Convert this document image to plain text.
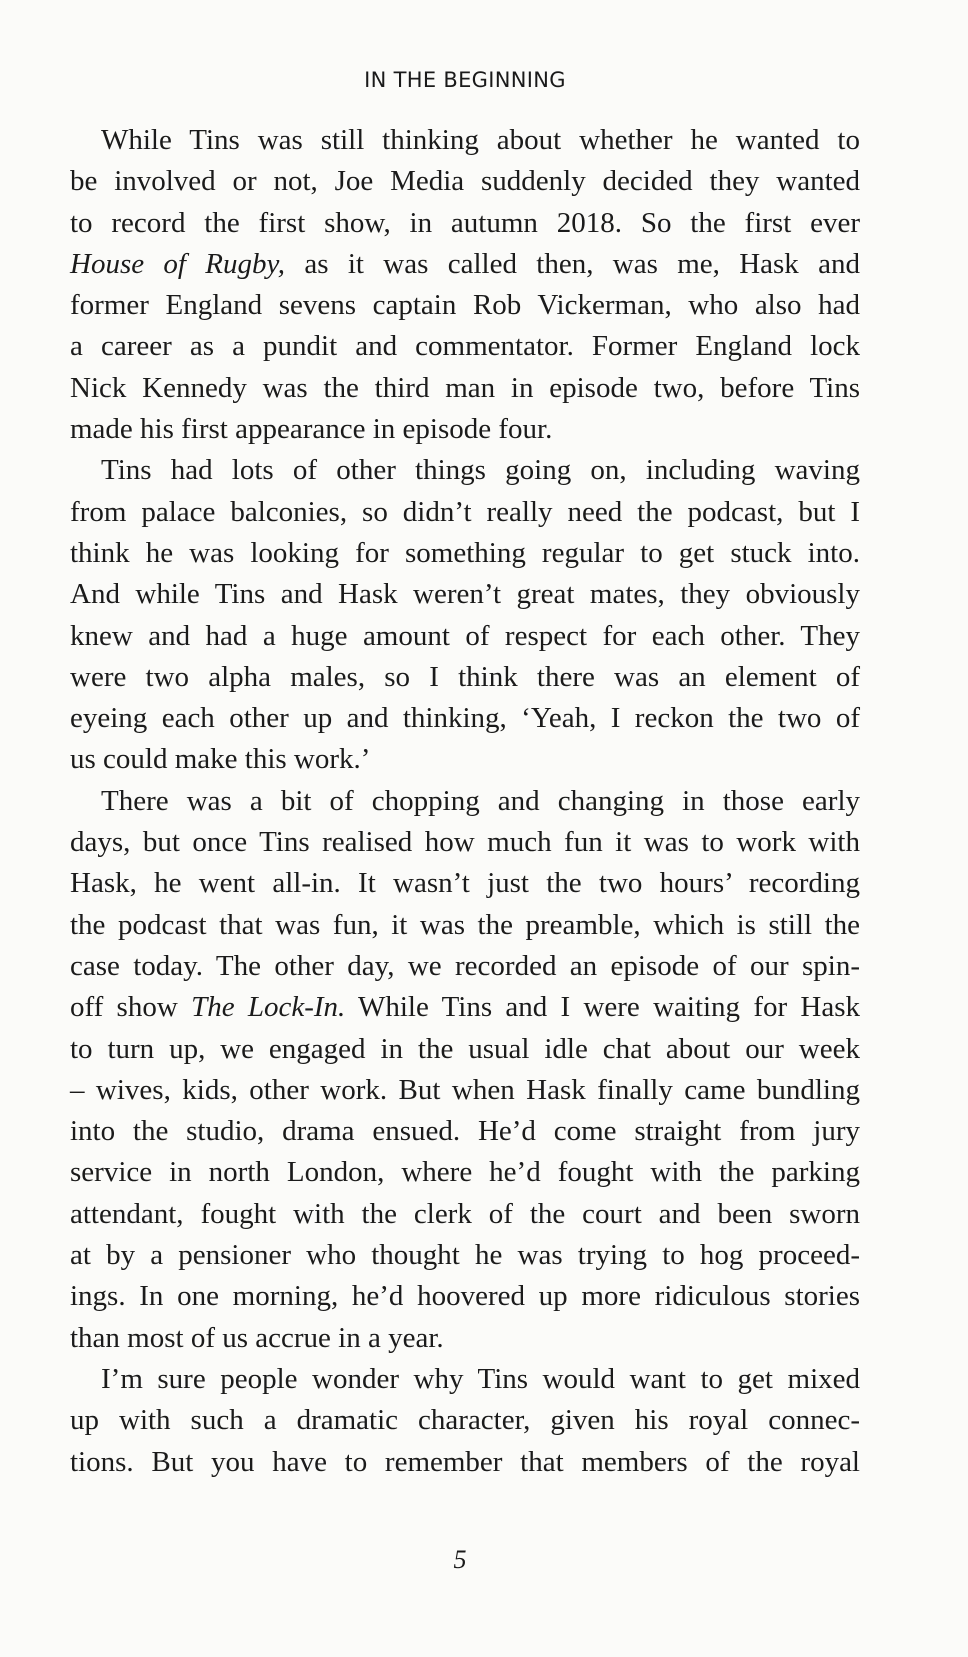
IN THE BEGINNING
While Tins was still thinking about whether he wanted to
be involved or not, Joe Media suddenly decided they wanted
to record the first show, in autumn 2018. So the first ever
House of Rugby, as it was called then, was me, Hask and
former England sevens captain Rob Vickerman, who also had
a career as a pundit and commentator. Former England lock
Nick Kennedy was the third man in episode two, before Tins
made his first appearance in episode four.
Tins had lots of other things going on, including waving
from palace balconies, so didn’t really need the podcast, but I
think he was looking for something regular to get stuck into.
And while Tins and Hask weren’t great mates, they obviously
knew and had a huge amount of respect for each other. They
were two alpha males, so I think there was an element of
eyeing each other up and thinking, ‘Yeah, I reckon the two of
us could make this work.’
There was a bit of chopping and changing in those early
days, but once Tins realised how much fun it was to work with
Hask, he went all-in. It wasn’t just the two hours’ recording
the podcast that was fun, it was the preamble, which is still the
case today. The other day, we recorded an episode of our spin-
off show The Lock-In. While Tins and I were waiting for Hask
to turn up, we engaged in the usual idle chat about our week
– wives, kids, other work. But when Hask finally came bundling
into the studio, drama ensued. He’d come straight from jury
service in north London, where he’d fought with the parking
attendant, fought with the clerk of the court and been sworn
at by a pensioner who thought he was trying to hog proceed-
ings. In one morning, he’d hoovered up more ridiculous stories
than most of us accrue in a year.
I’m sure people wonder why Tins would want to get mixed
up with such a dramatic character, given his royal connec-
tions. But you have to remember that members of the royal
5
